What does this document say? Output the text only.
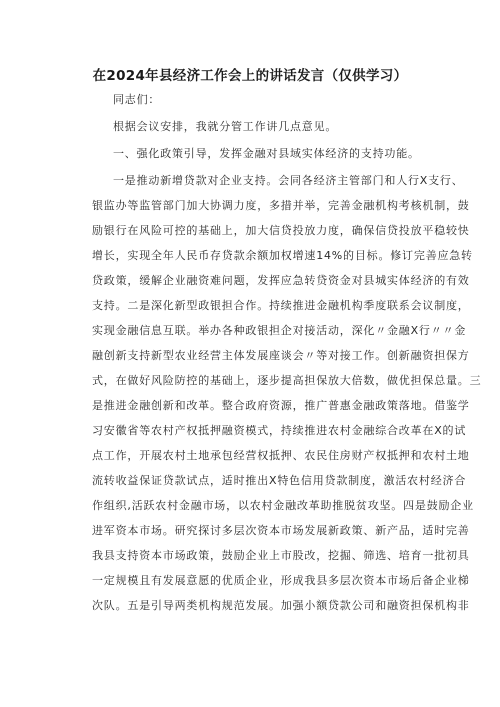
在2024年县经济工作会上的讲话发言（仅供学习）
同志们：
根据会议安排，我就分管工作讲几点意见。
一、强化政策引导，发挥金融对县域实体经济的支持功能。
一是推动新增贷款对企业支持。会同各经济主管部门和人行X支行、
银监办等监管部门加大协调力度，多措并举，完善金融机构考核机制，鼓
励银行在风险可控的基础上，加大信贷投放力度，确保信贷投放平稳较快
增长，实现全年人民币存贷款余额加权增速14%的目标。修订完善应急转
贷政策，缓解企业融资难问题，发挥应急转贷资金对县城实体经济的有效
支持。二是深化新型政银担合作。持续推进金融机构季度联系会议制度，
实现金融信息互联。举办各种政银担企对接活动，深化〃金融X行〃〃金
融创新支持新型农业经营主体发展座谈会〃等对接工作。创新融资担保方
式，在做好风险防控的基础上，逐步提高担保放大倍数，做优担保总量。三
是推进金融创新和改革。整合政府资源，推广普惠金融政策落地。借鉴学
习安徽省等农村产权抵押融资模式，持续推进农村金融综合改革在X的试
点工作，开展农村土地承包经营权抵押、农民住房财产权抵押和农村土地
流转收益保证贷款试点，适时推出X特色信用贷款制度，激活农村经济合
作组织,活跃农村金融市场，以农村金融改革助推脱贫攻坚。四是鼓励企业
进军资本市场。研究探讨多层次资本市场发展新政策、新产品，适时完善
我县支持资本市场政策，鼓励企业上市股改，挖掘、筛选、培育一批初具
一定规模且有发展意愿的优质企业，形成我县多层次资本市场后备企业梯
次队。五是引导两类机构规范发展。加强小额贷款公司和融资担保机构非
